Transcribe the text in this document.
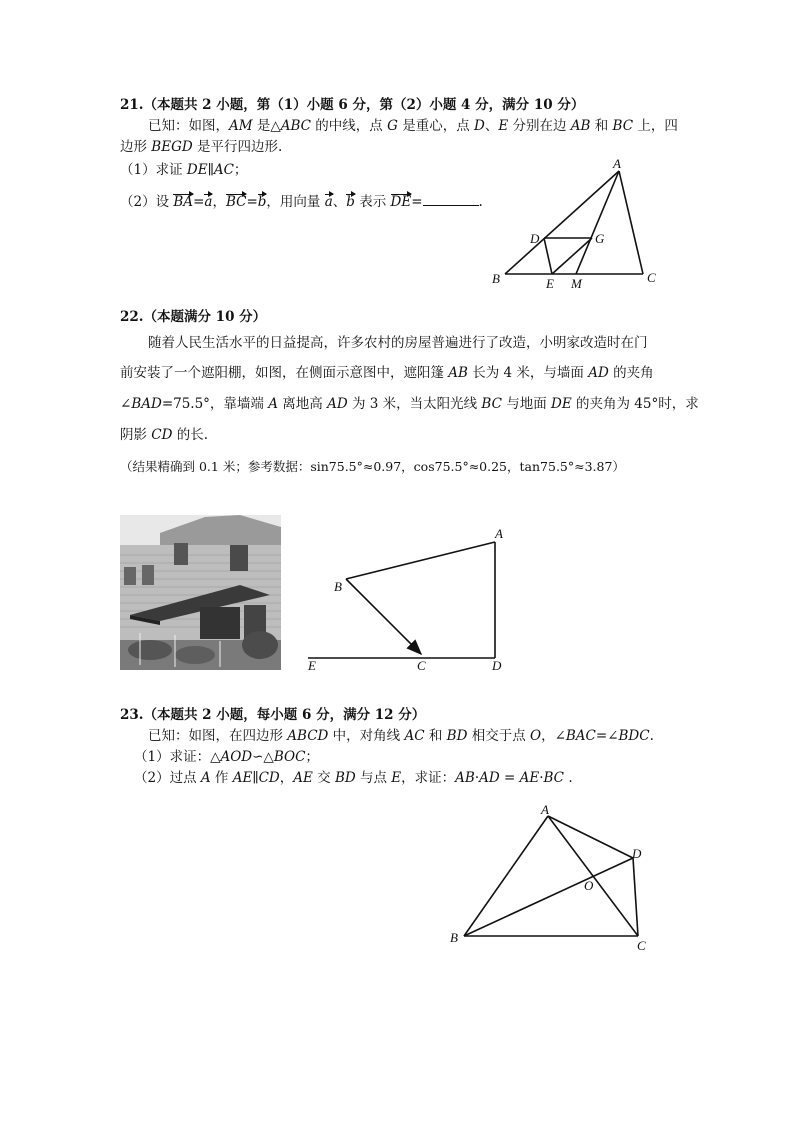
21.（本题共 2 小题，第（1）小题 6 分，第（2）小题 4 分，满分 10 分）
已知：如图，AM 是△ABC 的中线，点 G 是重心，点 D、E 分别在边 AB 和 BC 上，四
边形 BEGD 是平行四边形.
（1）求证 DE∥AC；
（2）设 BA=a，BC=b，用向量 a、b 表示 DE=	.
A
B	C
D
E
G
M
22.（本题满分 10 分）
随着人民生活水平的日益提高，许多农村的房屋普遍进行了改造，小明家改造时在门
前安装了一个遮阳棚，如图，在侧面示意图中，遮阳篷 AB 长为 4 米，与墙面 AD 的夹角
∠BAD=75.5°，靠墙端 A 离地高 AD 为 3 米，当太阳光线 BC 与地面 DE 的夹角为 45°时，求
阴影 CD 的长.
（结果精确到 0.1 米；参考数据：sin75.5°≈0.97，cos75.5°≈0.25，tan75.5°≈3.87）
A
B
C	D
E
23.（本题共 2 小题，每小题 6 分，满分 12 分）
已知：如图，在四边形 ABCD 中，对角线 AC 和 BD 相交于点 O，∠BAC=∠BDC.
（1）求证：△AOD∽△BOC；
（2）过点 A 作 AE∥CD，AE 交 BD 与点 E，求证：AB·AD = AE·BC .
A
B
C
D
O
